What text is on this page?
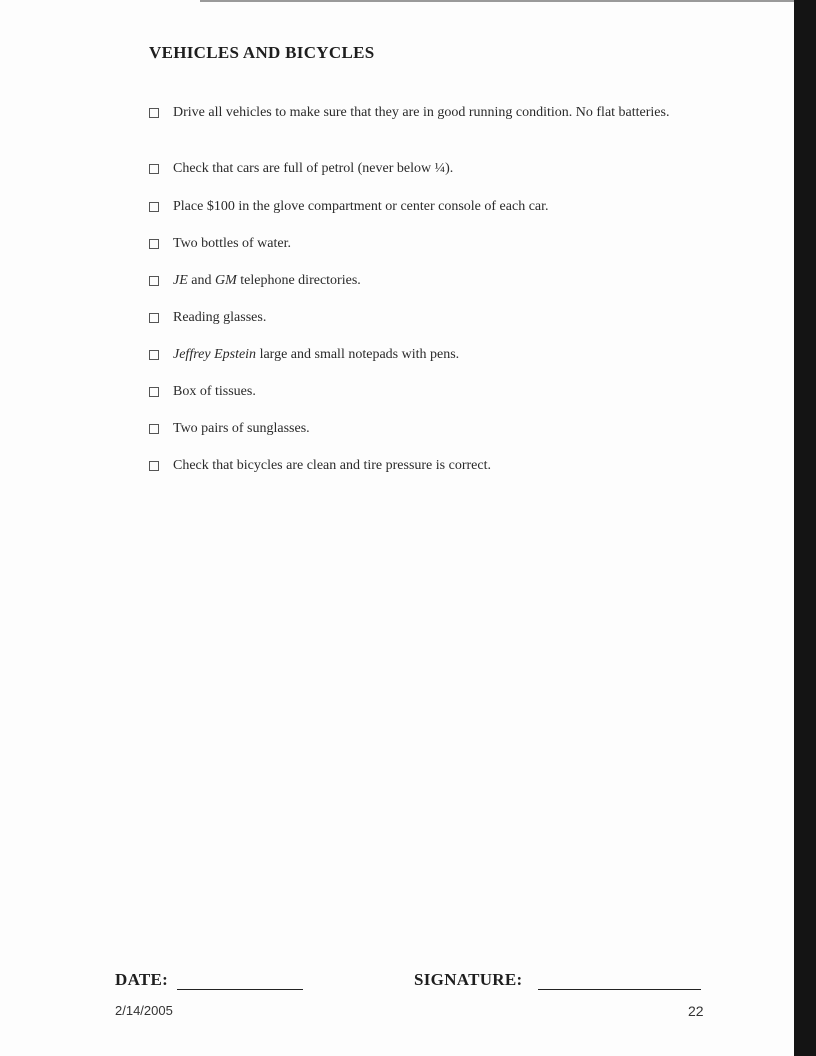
VEHICLES AND BICYCLES
Drive all vehicles to make sure that they are in good running condition. No flat batteries.
Check that cars are full of petrol (never below ¼).
Place $100 in the glove compartment or center console of each car.
Two bottles of water.
JE and GM telephone directories.
Reading glasses.
Jeffrey Epstein large and small notepads with pens.
Box of tissues.
Two pairs of sunglasses.
Check that bicycles are clean and tire pressure is correct.
DATE:	SIGNATURE:
2/14/2005	22
